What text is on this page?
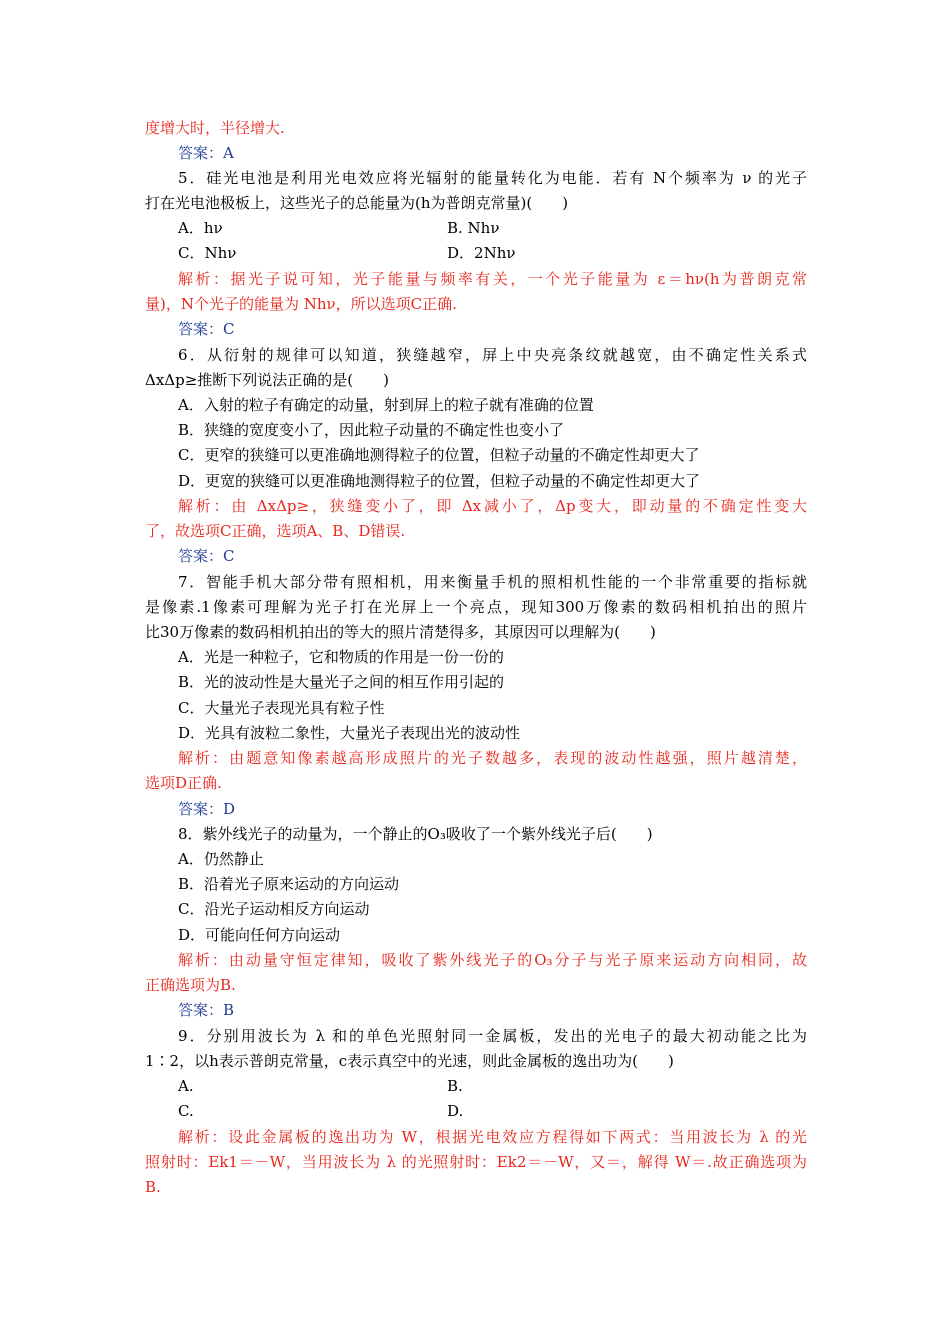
度增大时，半径增大.
答案：A
5．硅光电池是利用光电效应将光辐射的能量转化为电能．若有 N个频率为 ν 的光子
打在光电池极板上，这些光子的总能量为(h为普朗克常量)(　　)
A．hν	B. Nhν
C．Nhν	D．2Nhν
解析：据光子说可知，光子能量与频率有关，一个光子能量为 ε＝hν(h为普朗克常
量)，N个光子的能量为 Nhν，所以选项C正确.
答案：C
6．从衍射的规律可以知道，狭缝越窄，屏上中央亮条纹就越宽，由不确定性关系式
ΔxΔp≥推断下列说法正确的是(　　)
A．入射的粒子有确定的动量，射到屏上的粒子就有准确的位置
B．狭缝的宽度变小了，因此粒子动量的不确定性也变小了
C．更窄的狭缝可以更准确地测得粒子的位置，但粒子动量的不确定性却更大了
D．更宽的狭缝可以更准确地测得粒子的位置，但粒子动量的不确定性却更大了
解析：由 ΔxΔp≥，狭缝变小了，即 Δx减小了，Δp变大，即动量的不确定性变大
了，故选项C正确，选项A、B、D错误.
答案：C
7．智能手机大部分带有照相机，用来衡量手机的照相机性能的一个非常重要的指标就
是像素.1像素可理解为光子打在光屏上一个亮点，现知300万像素的数码相机拍出的照片
比30万像素的数码相机拍出的等大的照片清楚得多，其原因可以理解为(　　)
A．光是一种粒子，它和物质的作用是一份一份的
B．光的波动性是大量光子之间的相互作用引起的
C．大量光子表现光具有粒子性
D．光具有波粒二象性，大量光子表现出光的波动性
解析：由题意知像素越高形成照片的光子数越多，表现的波动性越强，照片越清楚，
选项D正确.
答案：D
8．紫外线光子的动量为，一个静止的O₃吸收了一个紫外线光子后(　　)
A．仍然静止
B．沿着光子原来运动的方向运动
C．沿光子运动相反方向运动
D．可能向任何方向运动
解析：由动量守恒定律知，吸收了紫外线光子的O₃分子与光子原来运动方向相同，故
正确选项为B.
答案：B
9．分别用波长为 λ 和的单色光照射同一金属板，发出的光电子的最大初动能之比为
1∶2，以h表示普朗克常量，c表示真空中的光速，则此金属板的逸出功为(　　)
A.	B.
C.	D.
解析：设此金属板的逸出功为 W，根据光电效应方程得如下两式：当用波长为 λ 的光
照射时：Ek1＝－W，当用波长为 λ 的光照射时：Ek2＝－W，又＝，解得 W＝.故正确选项为
B.
